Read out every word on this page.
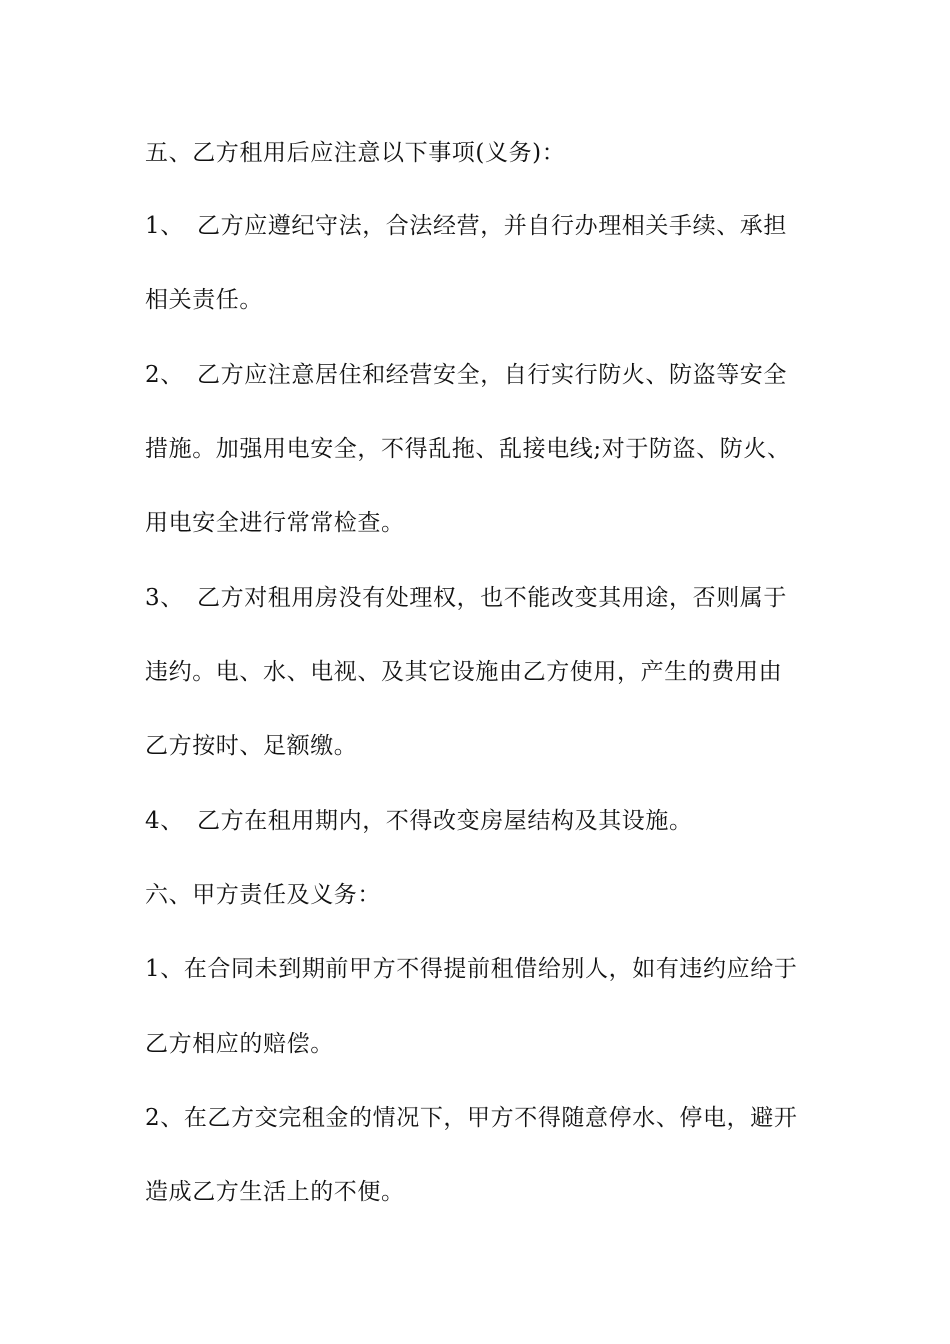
五、乙方租用后应注意以下事项(义务)：
1、 乙方应遵纪守法，合法经营，并自行办理相关手续、承担
相关责任。
2、 乙方应注意居住和经营安全，自行实行防火、防盗等安全
措施。加强用电安全，不得乱拖、乱接电线;对于防盗、防火、
用电安全进行常常检查。
3、 乙方对租用房没有处理权，也不能改变其用途，否则属于
违约。电、水、电视、及其它设施由乙方使用，产生的费用由
乙方按时、足额缴。
4、 乙方在租用期内，不得改变房屋结构及其设施。
六、甲方责任及义务：
1、在合同未到期前甲方不得提前租借给别人，如有违约应给于
乙方相应的赔偿。
2、在乙方交完租金的情况下，甲方不得随意停水、停电，避开
造成乙方生活上的不便。
